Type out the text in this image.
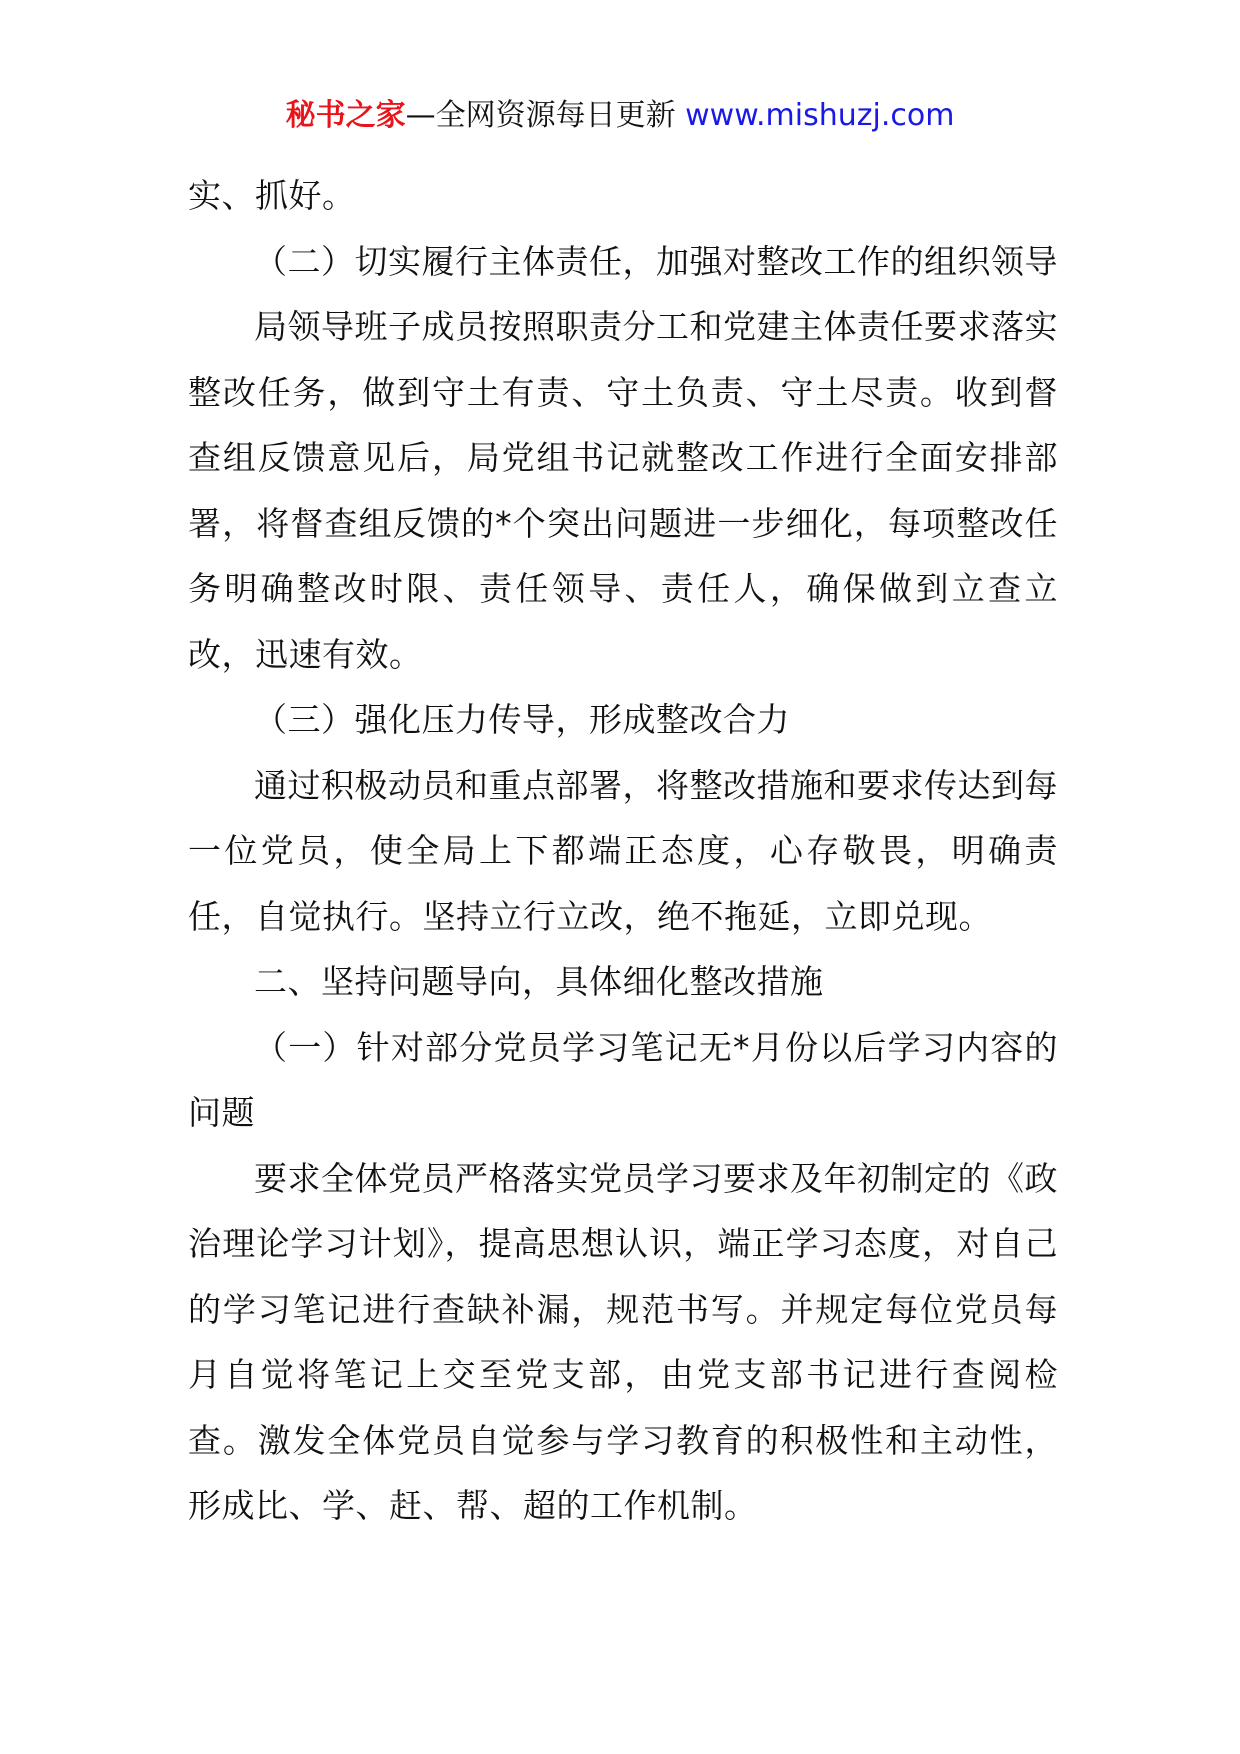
秘书之家—全网资源每日更新 www.mishuzj.com

实、抓好。

（二）切实履行主体责任，加强对整改工作的组织领导

局领导班子成员按照职责分工和党建主体责任要求落实整改任务，做到守土有责、守土负责、守土尽责。收到督查组反馈意见后，局党组书记就整改工作进行全面安排部署，将督查组反馈的*个突出问题进一步细化，每项整改任务明确整改时限、责任领导、责任人，确保做到立查立改，迅速有效。

（三）强化压力传导，形成整改合力

通过积极动员和重点部署，将整改措施和要求传达到每一位党员，使全局上下都端正态度，心存敬畏，明确责任，自觉执行。坚持立行立改，绝不拖延，立即兑现。

二、坚持问题导向，具体细化整改措施

（一）针对部分党员学习笔记无*月份以后学习内容的问题

要求全体党员严格落实党员学习要求及年初制定的《政治理论学习计划》，提高思想认识，端正学习态度，对自己的学习笔记进行查缺补漏，规范书写。并规定每位党员每月自觉将笔记上交至党支部，由党支部书记进行查阅检查。激发全体党员自觉参与学习教育的积极性和主动性，形成比、学、赶、帮、超的工作机制。
